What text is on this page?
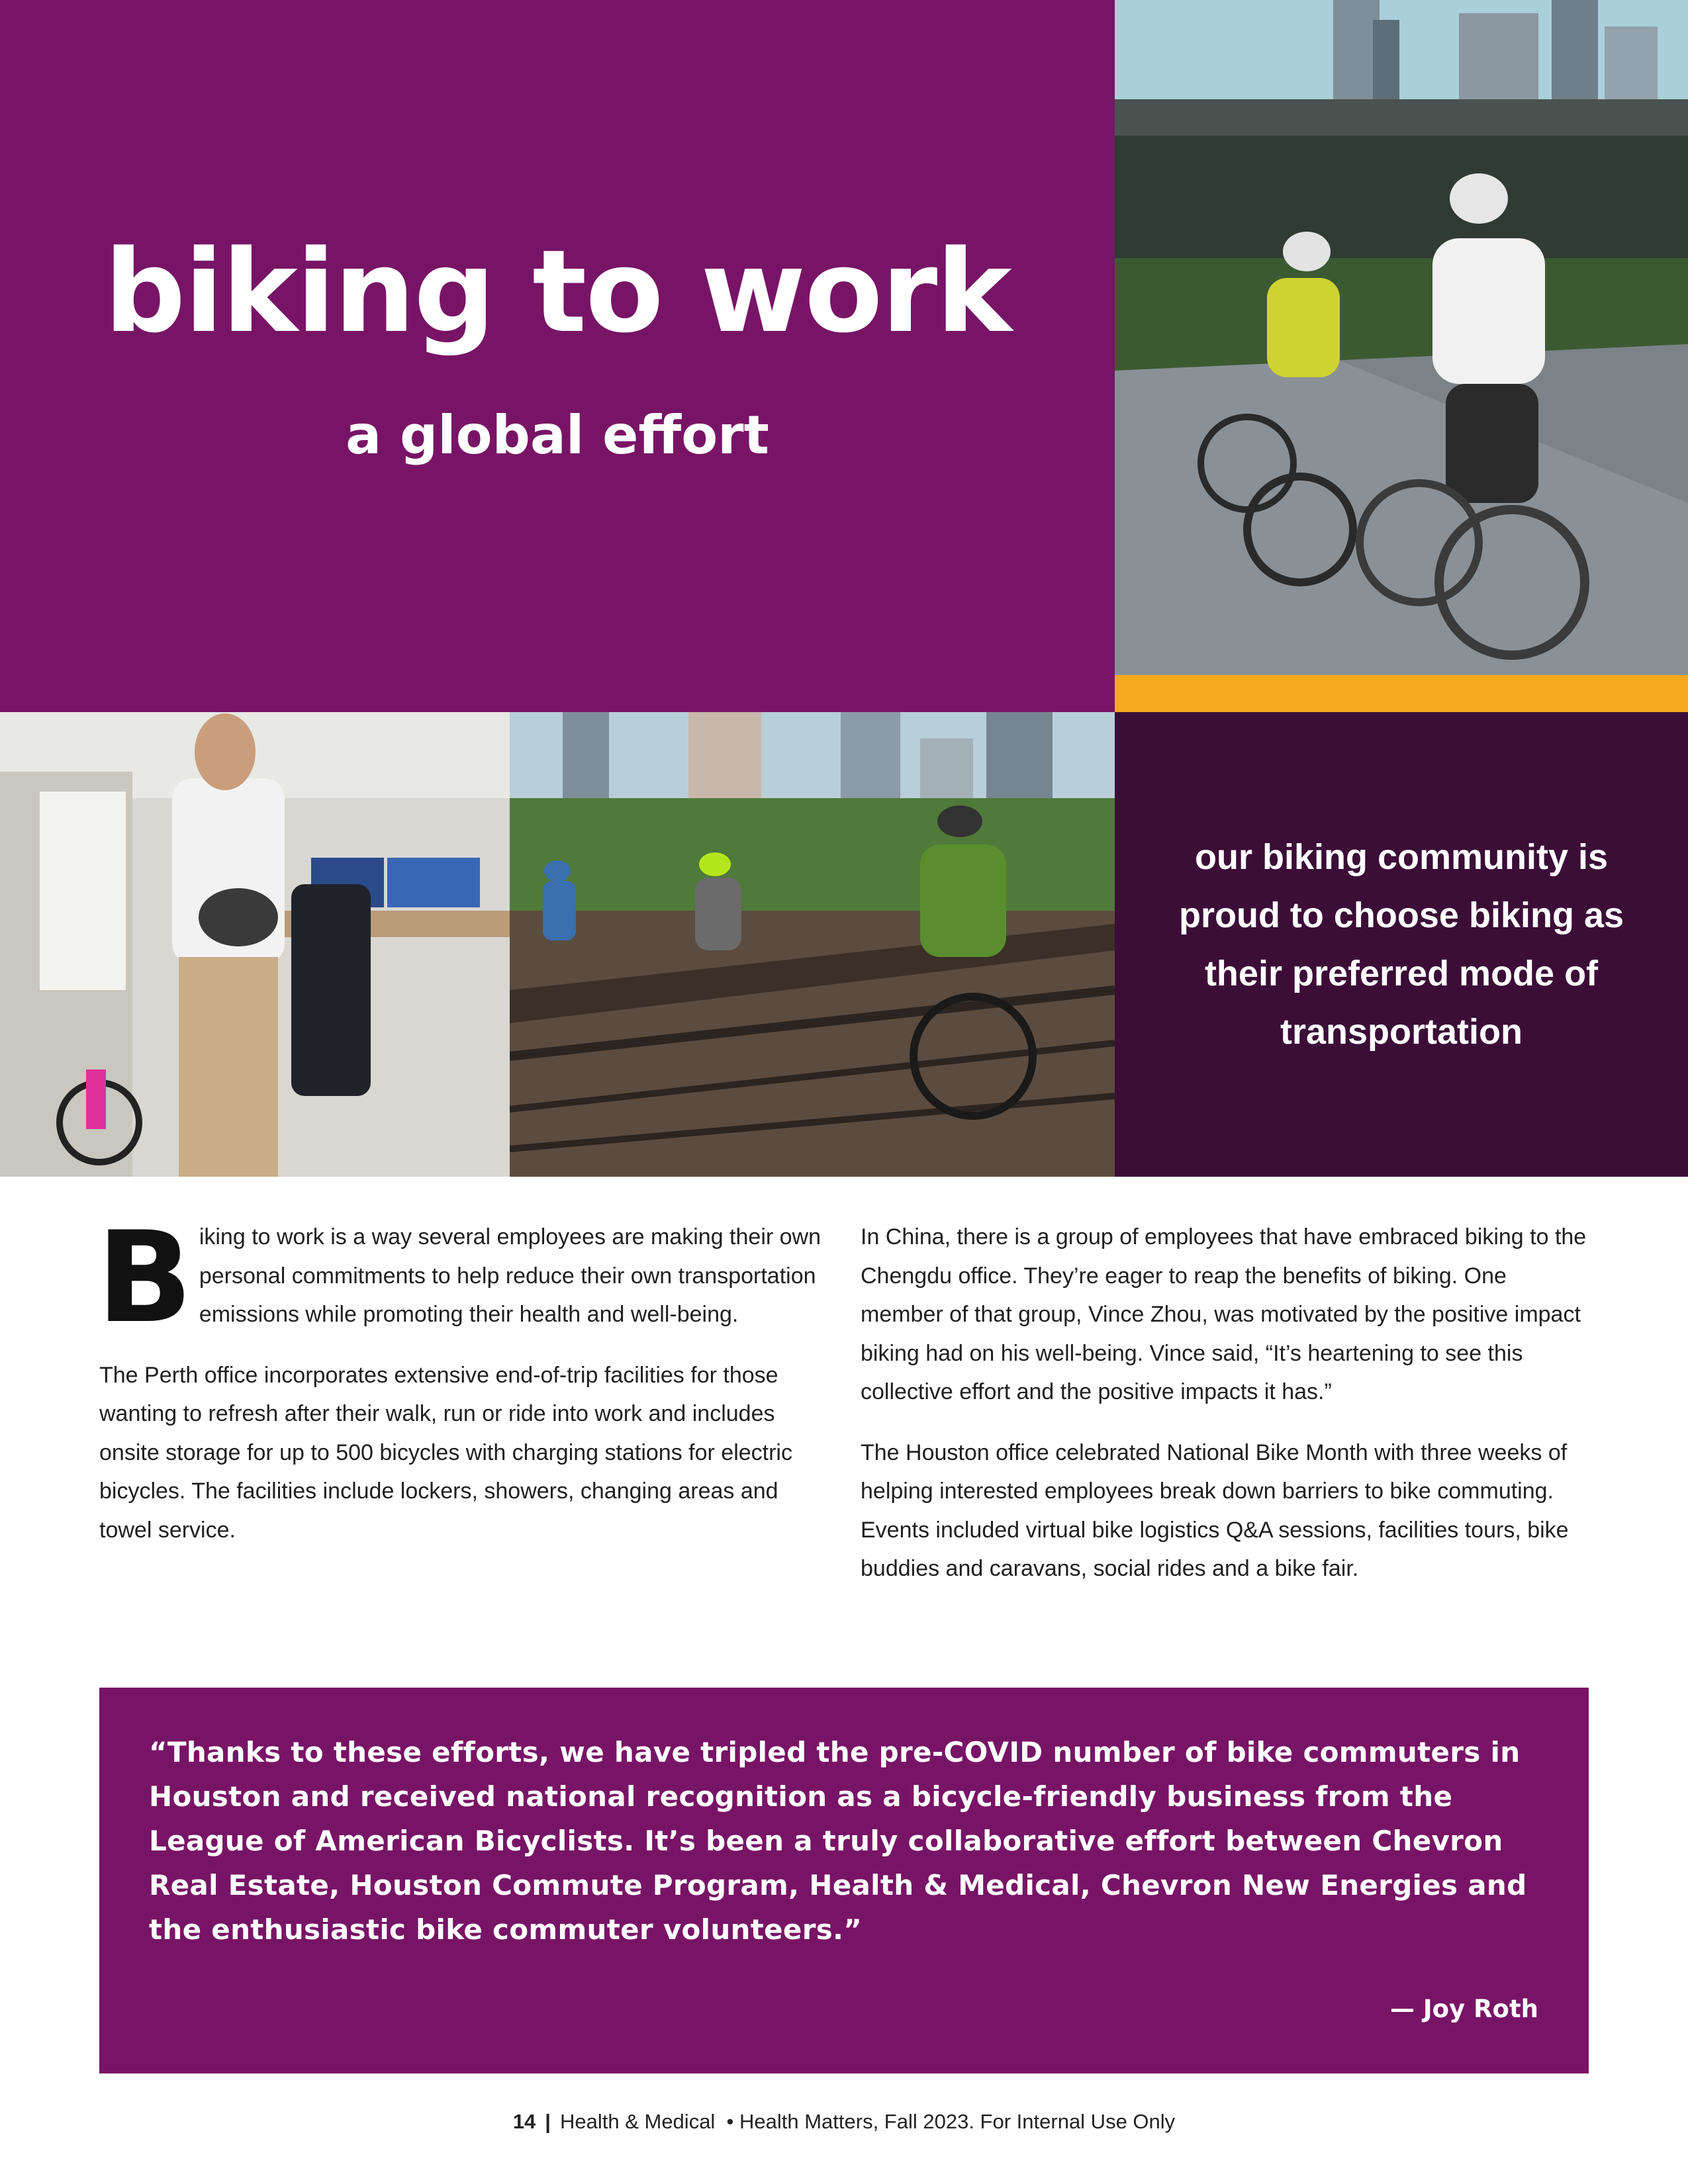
biking to work
a global effort
our biking community is proud to choose biking as their preferred mode of transportation

Biking to work is a way several employees are making their own personal commitments to help reduce their own transportation emissions while promoting their health and well-being.

The Perth office incorporates extensive end-of-trip facilities for those wanting to refresh after their walk, run or ride into work and includes onsite storage for up to 500 bicycles with charging stations for electric bicycles. The facilities include lockers, showers, changing areas and towel service.

In China, there is a group of employees that have embraced biking to the Chengdu office. They’re eager to reap the benefits of biking. One member of that group, Vince Zhou, was motivated by the positive impact biking had on his well-being. Vince said, “It’s heartening to see this collective effort and the positive impacts it has.”

The Houston office celebrated National Bike Month with three weeks of helping interested employees break down barriers to bike commuting. Events included virtual bike logistics Q&A sessions, facilities tours, bike buddies and caravans, social rides and a bike fair.

“Thanks to these efforts, we have tripled the pre-COVID number of bike commuters in Houston and received national recognition as a bicycle-friendly business from the League of American Bicyclists. It’s been a truly collaborative effort between Chevron Real Estate, Houston Commute Program, Health & Medical, Chevron New Energies and the enthusiastic bike commuter volunteers.”
— Joy Roth
14 | Health & Medical  • Health Matters, Fall 2023. For Internal Use Only
